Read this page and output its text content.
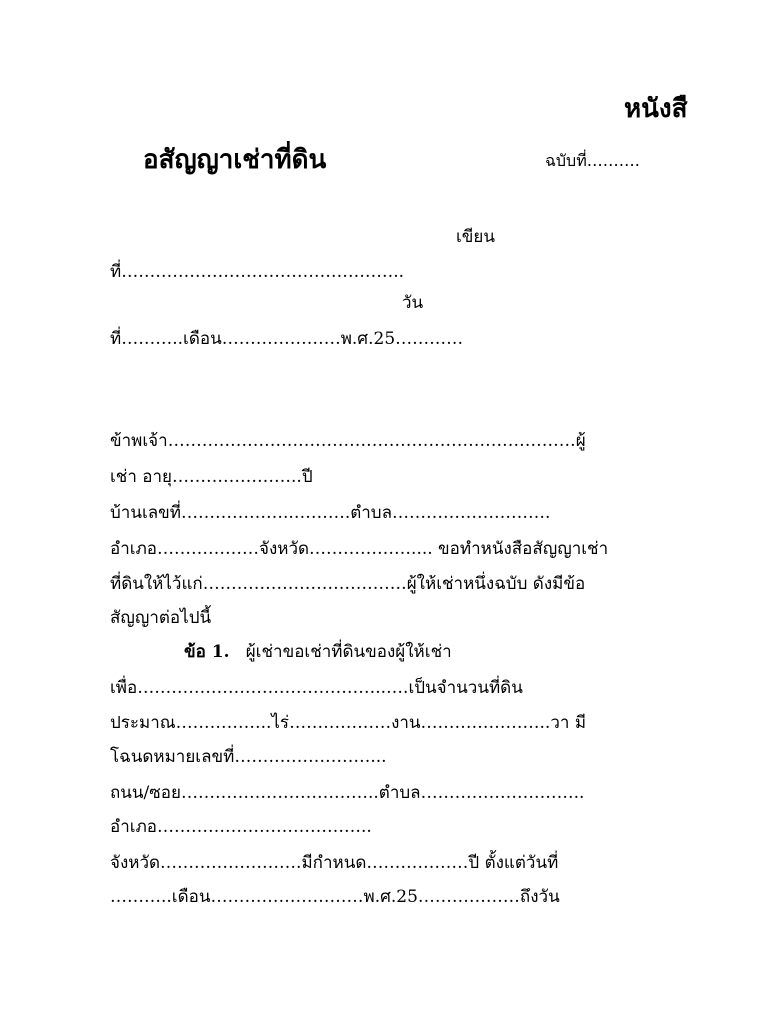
หนังสื
อสัญญาเช่าที่ดิน	ฉบับที่……….
เขียน
ที่…………………………………………..
วัน
ที่………..เดือน…………………พ.ศ.25…………
ข้าพเจ้า………………………………………………………………ผู้
เช่า อายุ…………………..ปี
บ้านเลขที่………………..……….ตำบล……………………….
อำเภอ………………จังหวัด……………….... ขอทำหนังสือสัญญาเช่า
ที่ดินให้ไว้แก่………………………………ผู้ให้เช่าหนึ่งฉบับ ดังมีข้อ
สัญญาต่อไปนี้
ข้อ 1. ผู้เช่าขอเช่าที่ดินของผู้ให้เช่า
เพื่อ……………………………………..….เป็นจำนวนที่ดิน
ประมาณ……………..ไร่………………งาน…………………..วา มี
โฉนดหมายเลขที่……………………...
ถนน/ซอย……………………………..ตำบล………………………..
อำเภอ………………………………..
จังหวัด…………………….มีกำหนด………………ปี ตั้งแต่วันที่
………..เดือน………………………พ.ศ.25………………ถึงวัน
